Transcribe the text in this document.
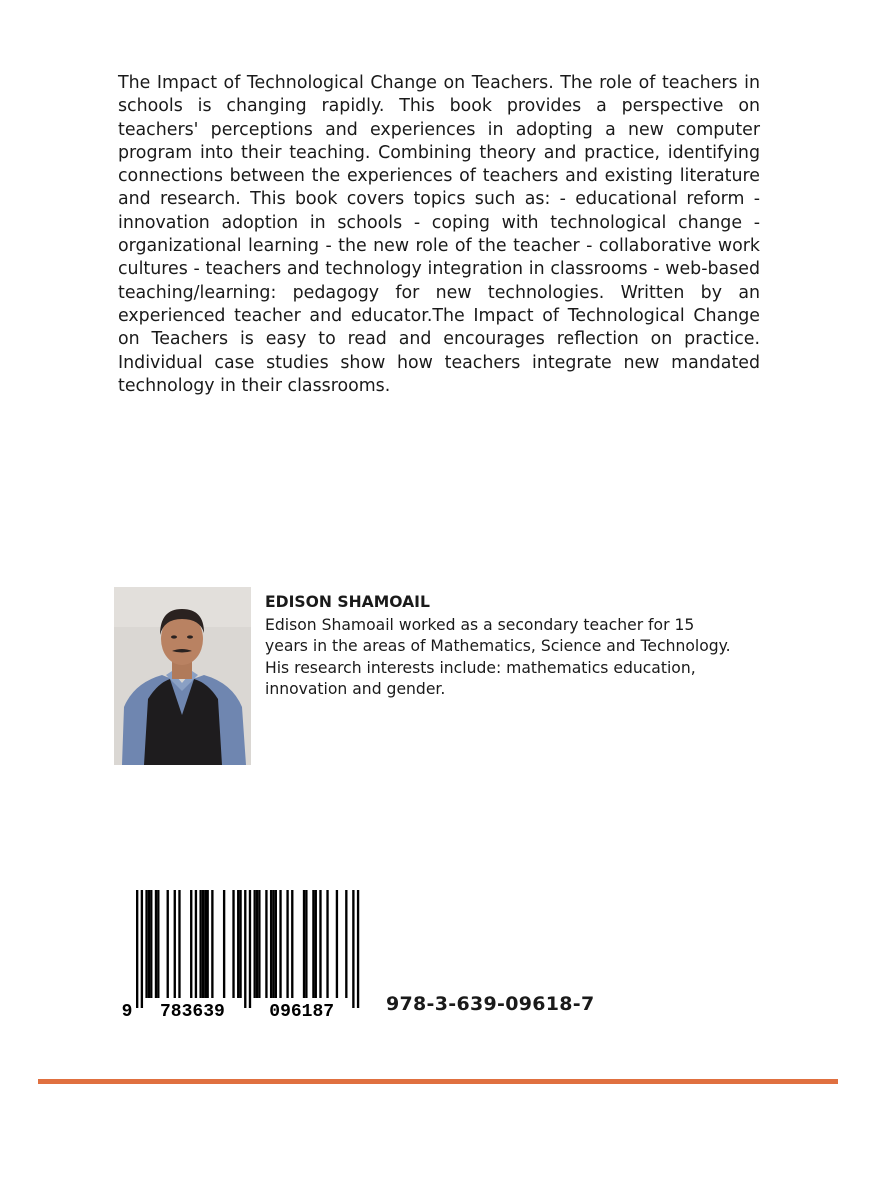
The Impact of Technological Change on Teachers. The role of teachers in schools is changing rapidly. This book provides a perspective on teachers' perceptions and experiences in adopting a new computer program into their teaching. Combining theory and practice, identifying connections between the experiences of teachers and existing literature and research. This book covers topics such as: - educational reform - innovation adoption in schools - coping with technological change - organizational learning - the new role of the teacher - collaborative work cultures - teachers and technology integration in classrooms - web-based teaching/learning: pedagogy for new technologies. Written by an experienced teacher and educator.The Impact of Technological Change on Teachers is easy to read and encourages reflection on practice. Individual case studies show how teachers integrate new mandated technology in their classrooms.

EDISON SHAMOAIL

Edison Shamoail worked as a secondary teacher for 15 years in the areas of Mathematics, Science and Technology. His research interests include: mathematics education, innovation and gender.

9 783639 096187	978-3-639-09618-7
